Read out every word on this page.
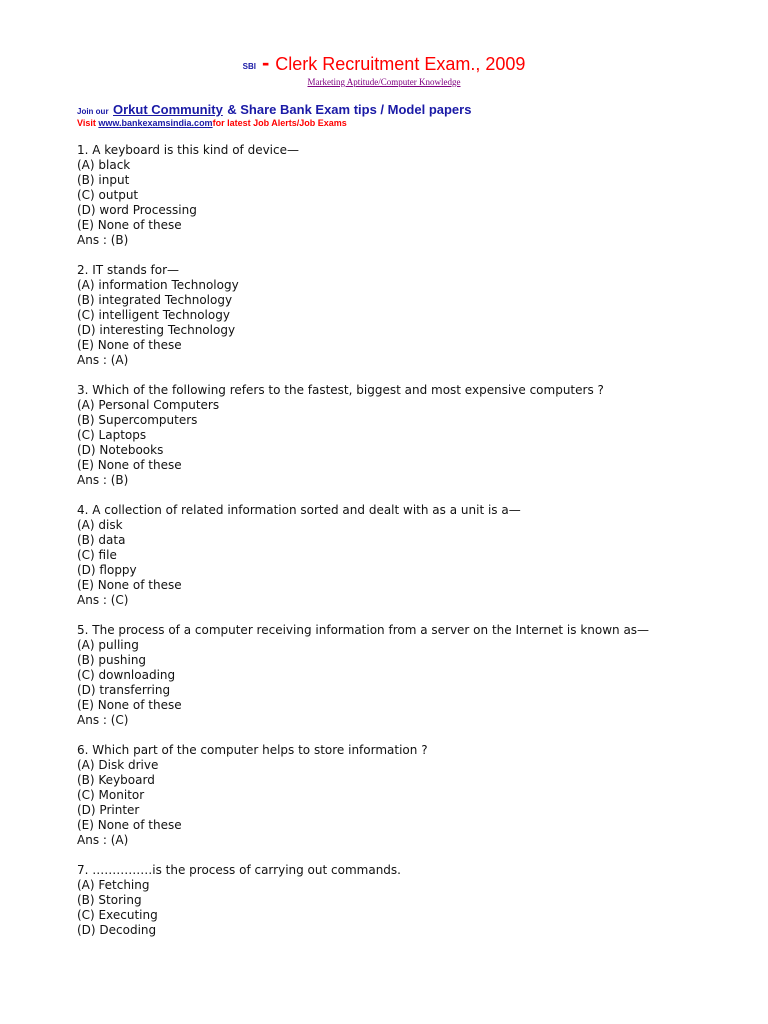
SBI - Clerk Recruitment Exam., 2009
Marketing Aptitude/Computer Knowledge
Join our Orkut Community & Share Bank Exam tips / Model papers
Visit www.bankexamsindia.comfor latest Job Alerts/Job Exams
1. A keyboard is this kind of device—
(A) black
(B) input
(C) output
(D) word Processing
(E) None of these
Ans : (B)
2. IT stands for—
(A) information Technology
(B) integrated Technology
(C) intelligent Technology
(D) interesting Technology
(E) None of these
Ans : (A)
3. Which of the following refers to the fastest, biggest and most expensive computers ?
(A) Personal Computers
(B) Supercomputers
(C) Laptops
(D) Notebooks
(E) None of these
Ans : (B)
4. A collection of related information sorted and dealt with as a unit is a—
(A) disk
(B) data
(C) file
(D) floppy
(E) None of these
Ans : (C)
5. The process of a computer receiving information from a server on the Internet is known as—
(A) pulling
(B) pushing
(C) downloading
(D) transferring
(E) None of these
Ans : (C)
6. Which part of the computer helps to store information ?
(A) Disk drive
(B) Keyboard
(C) Monitor
(D) Printer
(E) None of these
Ans : (A)
7. ……………is the process of carrying out commands.
(A) Fetching
(B) Storing
(C) Executing
(D) Decoding
